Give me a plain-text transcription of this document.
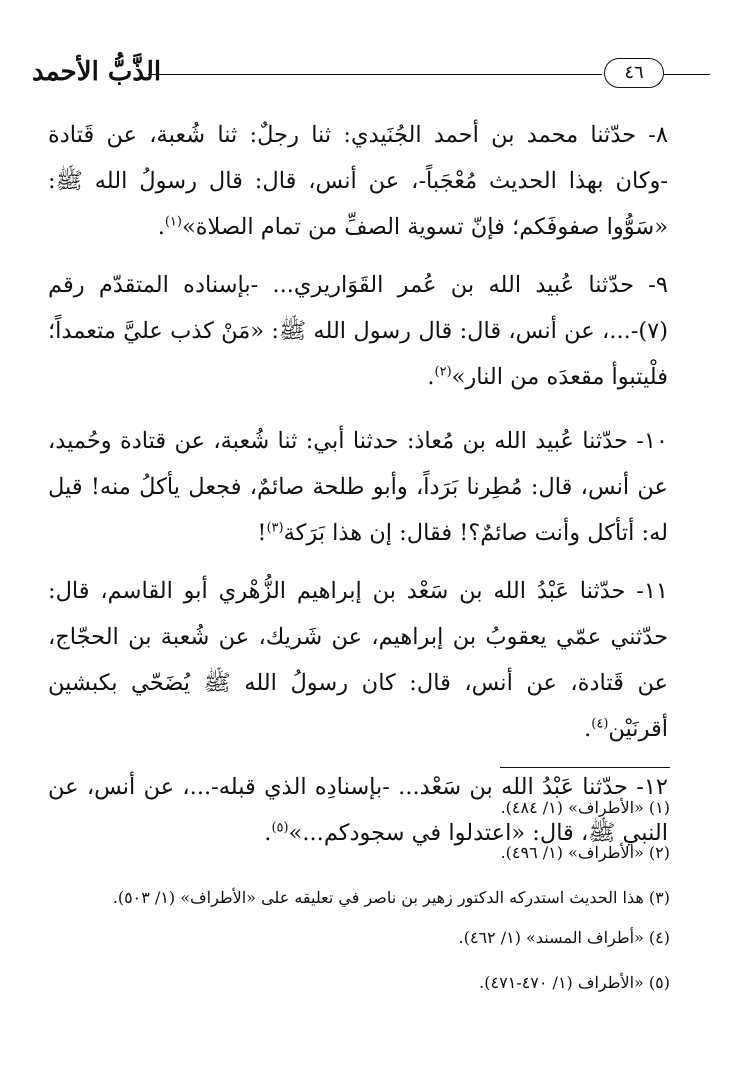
الذَّبُّ الأحمد	٤٦

٨- حدّثنا محمد بن أحمد الجُنَيدي: ثنا رجلٌ: ثنا شُعبة، عن قَتادة -وكان بهذا الحديث مُعْجَباً-، عن أنس، قال: قال رسولُ الله ﷺ: «سَوُّوا صفوفَكم؛ فإنّ تسوية الصفِّ من تمام الصلاة»$^{(١)}$.

٩- حدّثنا عُبيد الله بن عُمر القَوَاريري... -بإسناده المتقدّم رقم (٧)-...، عن أنس، قال: قال رسول الله ﷺ: «مَنْ كذب عليَّ متعمداً؛ فلْيتبوأ مقعدَه من النار»$^{(٢)}$.

١٠- حدّثنا عُبيد الله بن مُعاذ: حدثنا أبي: ثنا شُعبة، عن قتادة وحُميد، عن أنس، قال: مُطِرنا بَرَداً، وأبو طلحة صائمٌ، فجعل يأكلُ منه! قيل له: أتأكل وأنت صائمٌ؟! فقال: إن هذا بَرَكة$^{(٣)}$!

١١- حدّثنا عَبْدُ الله بن سَعْد بن إبراهيم الزُّهْري أبو القاسم، قال: حدّثني عمّي يعقوبُ بن إبراهيم، عن شَريك، عن شُعبة بن الحجّاج، عن قَتادة، عن أنس، قال: كان رسولُ الله ﷺ يُضَحّي بكبشين أقرنَيْن$^{(٤)}$.

١٢- حدّثنا عَبْدُ الله بن سَعْد... -بإسنادِه الذي قبله-...، عن أنس، عن النبي ﷺ، قال: «اعتدلوا في سجودكم...»$^{(٥)}$.

(١) «الأطراف» (١/ ٤٨٤).

(٢) «الأطراف» (١/ ٤٩٦).

(٣) هذا الحديث استدركه الدكتور زهير بن ناصر في تعليقه على «الأطراف» (١/ ٥٠٣).

(٤) «أطراف المسند» (١/ ٤٦٢).

(٥) «الأطراف (١/ ٤٧٠-٤٧١).
